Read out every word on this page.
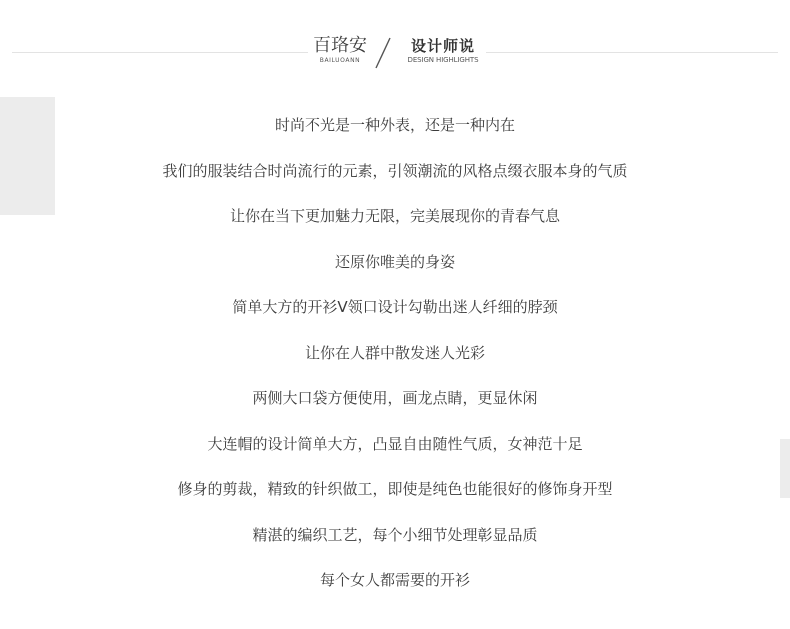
百珞安
BAILUOANN
设计师说
DESIGN HIGHLIGHTS
时尚不光是一种外表，还是一种内在
我们的服装结合时尚流行的元素，引领潮流的风格点缀衣服本身的气质
让你在当下更加魅力无限，完美展现你的青春气息
还原你唯美的身姿
简单大方的开衫V领口设计勾勒出迷人纤细的脖颈
让你在人群中散发迷人光彩
两侧大口袋方便使用，画龙点睛，更显休闲
大连帽的设计简单大方，凸显自由随性气质，女神范十足
修身的剪裁，精致的针织做工，即使是纯色也能很好的修饰身开型
精湛的编织工艺，每个小细节处理彰显品质
每个女人都需要的开衫
